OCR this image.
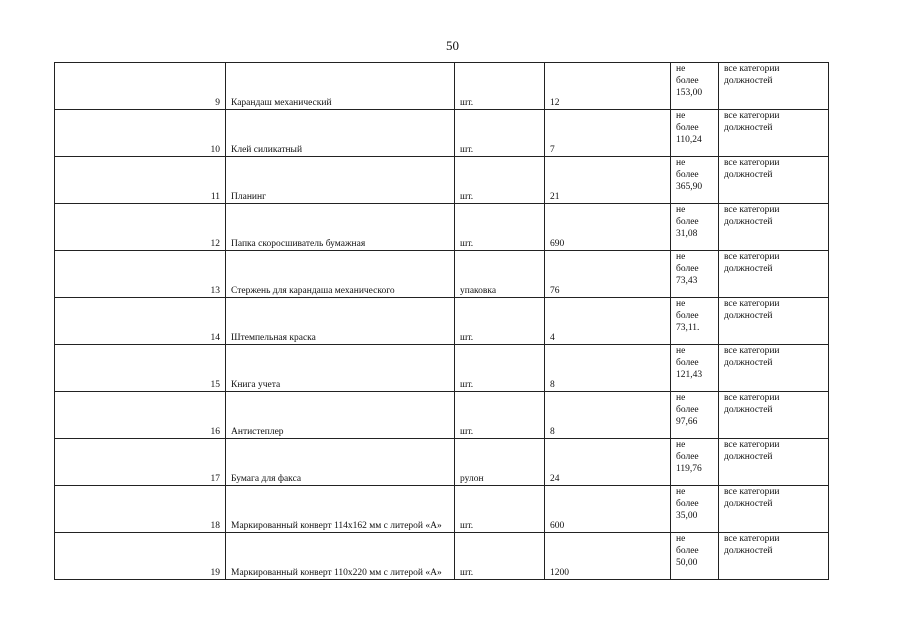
50
9	Карандаш механический	шт.	12	не
более
153,00	все категории
должностей

10	Клей силикатный	шт.	7	не
более
110,24	все категории
должностей

11	Планинг	шт.	21	не
более
365,90	все категории
должностей

12	Папка скоросшиватель бумажная	шт.	690	не
более
31,08	все категории
должностей

13	Стержень для карандаша механического	упаковка	76	не
более
73,43	все категории
должностей

14	Штемпельная краска	шт.	4	не
более
73,11.	все категории
должностей

15	Книга учета	шт.	8	не
более
121,43	все категории
должностей

16	Антистеплер	шт.	8	не
более
97,66	все категории
должностей

17	Бумага для факса	рулон	24	не
более
119,76	все категории
должностей

18	Маркированный конверт 114х162 мм с литерой «А»	шт.	600	не
более
35,00	все категории
должностей

19	Маркированный конверт 110х220 мм с литерой «А»	шт.	1200	не
более
50,00	все категории
должностей
